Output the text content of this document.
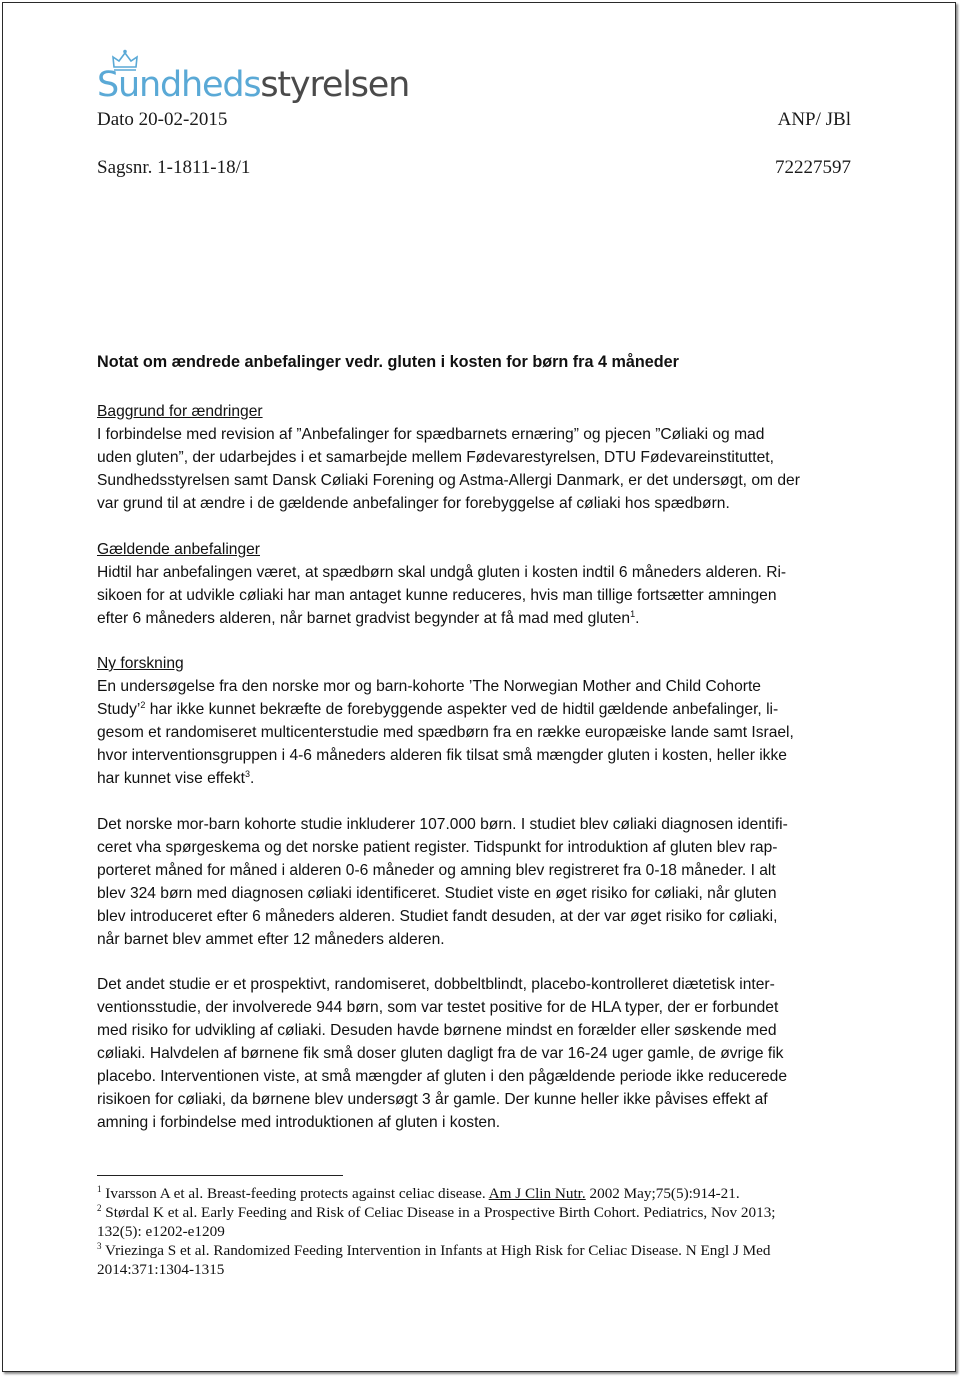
Sundhedsstyrelsen
Dato 20-02-2015	ANP/ JBl
Sagsnr. 1-1811-18/1	72227597
Notat om ændrede anbefalinger vedr. gluten i kosten for børn fra 4 måneder
Baggrund for ændringer
I forbindelse med revision af ”Anbefalinger for spædbarnets ernæring” og pjecen ”Cøliaki og mad
uden gluten”, der udarbejdes i et samarbejde mellem Fødevarestyrelsen, DTU Fødevareinstituttet,
Sundhedsstyrelsen samt Dansk Cøliaki Forening og Astma-Allergi Danmark, er det undersøgt, om der
var grund til at ændre i de gældende anbefalinger for forebyggelse af cøliaki hos spædbørn.
Gældende anbefalinger
Hidtil har anbefalingen været, at spædbørn skal undgå gluten i kosten indtil 6 måneders alderen. Ri-
sikoen for at udvikle cøliaki har man antaget kunne reduceres, hvis man tillige fortsætter amningen
efter 6 måneders alderen, når barnet gradvist begynder at få mad med gluten$^1$.
Ny forskning
En undersøgelse fra den norske mor og barn-kohorte ’The Norwegian Mother and Child Cohorte
Study’$^2$ har ikke kunnet bekræfte de forebyggende aspekter ved de hidtil gældende anbefalinger, li-
gesom et randomiseret multicenterstudie med spædbørn fra en række europæiske lande samt Israel,
hvor interventionsgruppen i 4-6 måneders alderen fik tilsat små mængder gluten i kosten, heller ikke
har kunnet vise effekt$^3$.
Det norske mor-barn kohorte studie inkluderer 107.000 børn. I studiet blev cøliaki diagnosen identifi-
ceret vha spørgeskema og det norske patient register. Tidspunkt for introduktion af gluten blev rap-
porteret måned for måned i alderen 0-6 måneder og amning blev registreret fra 0-18 måneder. I alt
blev 324 børn med diagnosen cøliaki identificeret. Studiet viste en øget risiko for cøliaki, når gluten
blev introduceret efter 6 måneders alderen. Studiet fandt desuden, at der var øget risiko for cøliaki,
når barnet blev ammet efter 12 måneders alderen.
Det andet studie er et prospektivt, randomiseret, dobbeltblindt, placebo-kontrolleret diætetisk inter-
ventionsstudie, der involverede 944 børn, som var testet positive for de HLA typer, der er forbundet
med risiko for udvikling af cøliaki. Desuden havde børnene mindst en forælder eller søskende med
cøliaki. Halvdelen af børnene fik små doser gluten dagligt fra de var 16-24 uger gamle, de øvrige fik
placebo. Interventionen viste, at små mængder af gluten i den pågældende periode ikke reducerede
risikoen for cøliaki, da børnene blev undersøgt 3 år gamle. Der kunne heller ikke påvises effekt af
amning i forbindelse med introduktionen af gluten i kosten.
$^1$ Ivarsson A et al. Breast-feeding protects against celiac disease. Am J Clin Nutr. 2002 May;75(5):914-21.
$^2$ Størdal K et al. Early Feeding and Risk of Celiac Disease in a Prospective Birth Cohort. Pediatrics, Nov 2013;
132(5): e1202-e1209
$^3$ Vriezinga S et al. Randomized Feeding Intervention in Infants at High Risk for Celiac Disease. N Engl J Med
2014:371:1304-1315
